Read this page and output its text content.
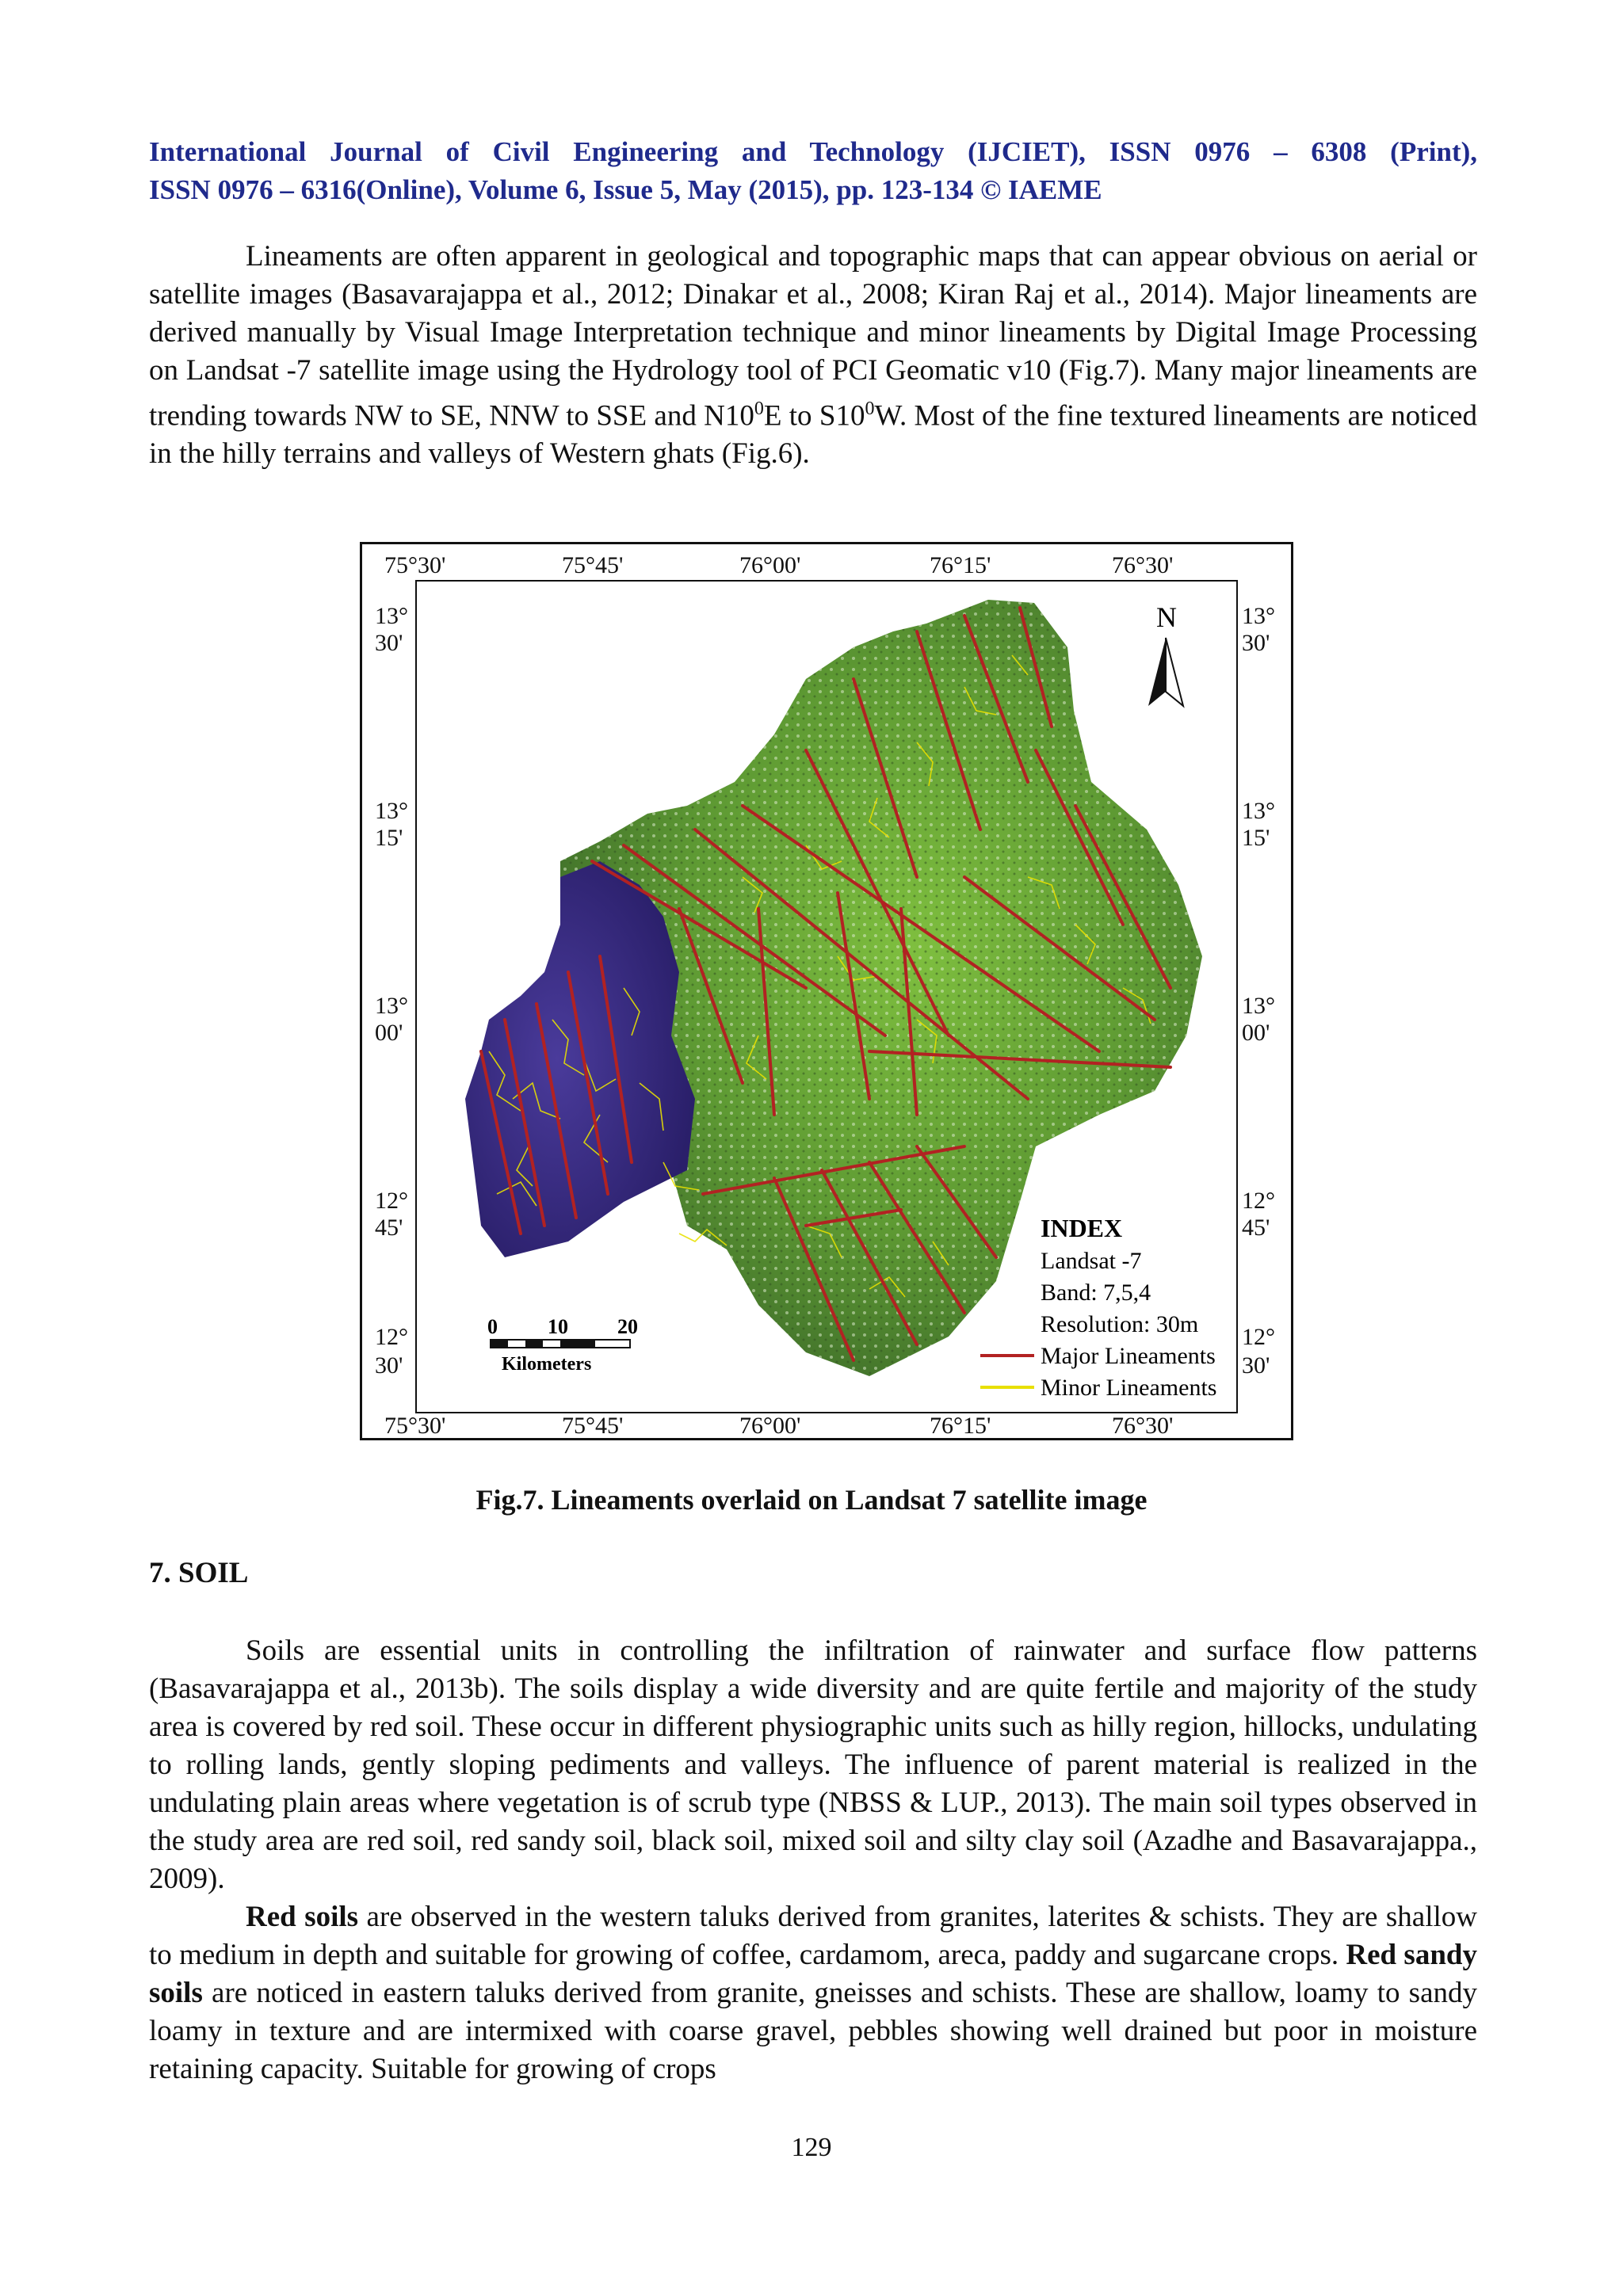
International Journal of Civil Engineering and Technology (IJCIET), ISSN 0976 – 6308 (Print),
ISSN 0976 – 6316(Online), Volume 6, Issue 5, May (2015), pp. 123-134 © IAEME

Lineaments are often apparent in geological and topographic maps that can appear obvious on aerial or satellite images (Basavarajappa et al., 2012; Dinakar et al., 2008; Kiran Raj et al., 2014). Major lineaments are derived manually by Visual Image Interpretation technique and minor lineaments by Digital Image Processing on Landsat -7 satellite image using the Hydrology tool of PCI Geomatic v10 (Fig.7). Many major lineaments are trending towards NW to SE, NNW to SSE and $N10^0E$ to $S10^0W$. Most of the fine textured lineaments are noticed in the hilly terrains and valleys of Western ghats (Fig.6).

75°30'	75°45'	76°00'	76°15'	76°30'
75°30'	75°45'	76°00'	76°15'	76°30'
13°
30'
13°
15'
13°
00'
12°
45'
12°
30'
13°
30'
13°
15'
13°
00'
12°
45'
12°
30'
N
0 10 20
Kilometers
INDEX
Landsat -7
Band: 7,5,4
Resolution: 30m
Major Lineaments
Minor Lineaments
Fig.7. Lineaments overlaid on Landsat 7 satellite image
7. SOIL

Soils are essential units in controlling the infiltration of rainwater and surface flow patterns (Basavarajappa et al., 2013b). The soils display a wide diversity and are quite fertile and majority of the study area is covered by red soil. These occur in different physiographic units such as hilly region, hillocks, undulating to rolling lands, gently sloping pediments and valleys. The influence of parent material is realized in the undulating plain areas where vegetation is of scrub type (NBSS & LUP., 2013). The main soil types observed in the study area are red soil, red sandy soil, black soil, mixed soil and silty clay soil (Azadhe and Basavarajappa., 2009).

Red soils are observed in the western taluks derived from granites, laterites & schists. They are shallow to medium in depth and suitable for growing of coffee, cardamom, areca, paddy and sugarcane crops. Red sandy soils are noticed in eastern taluks derived from granite, gneisses and schists. These are shallow, loamy to sandy loamy in texture and are intermixed with coarse gravel, pebbles showing well drained but poor in moisture retaining capacity. Suitable for growing of crops

129
